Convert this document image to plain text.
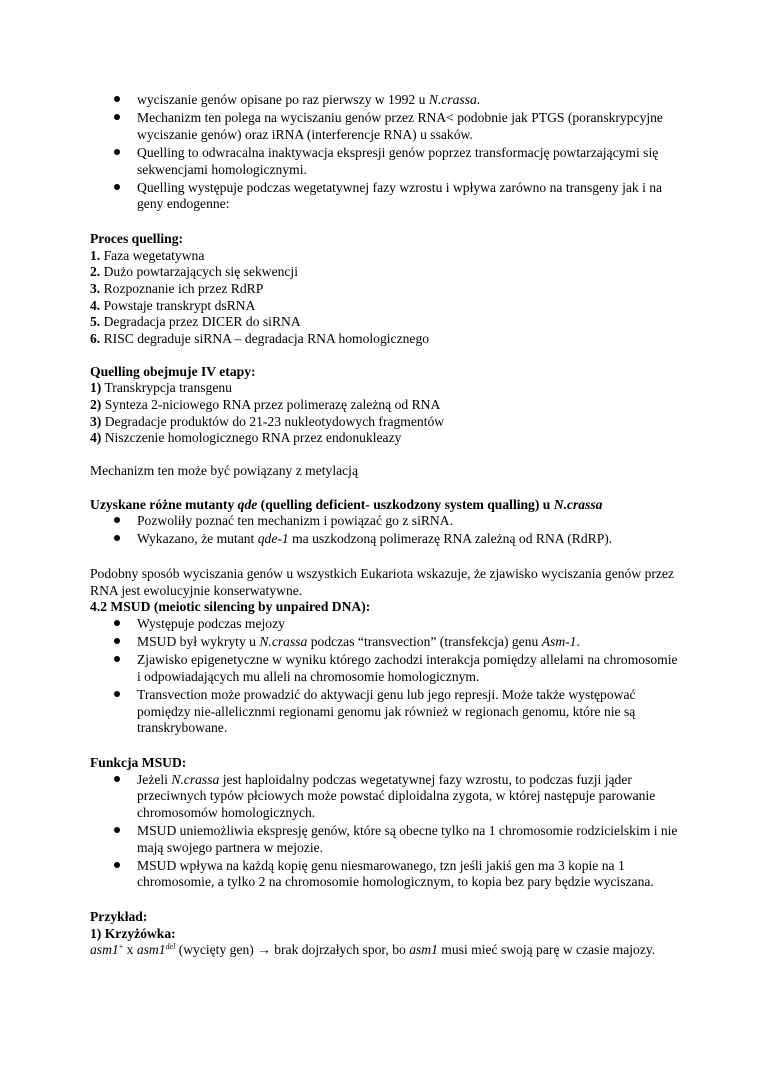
wyciszanie genów opisane po raz pierwszy w 1992 u N.crassa.
Mechanizm ten polega na wyciszaniu genów przez RNA< podobnie jak PTGS (poranskrypcyjne wyciszanie genów) oraz iRNA (interferencje RNA) u ssaków.
Quelling to odwracalna inaktywacja ekspresji genów poprzez transformację powtarzającymi się sekwencjami homologicznymi.
Quelling występuje podczas wegetatywnej fazy wzrostu i wpływa zarówno na transgeny jak i na geny endogenne:

Proces quelling:

1. Faza wegetatywna

2. Dużo powtarzających się sekwencji

3. Rozpoznanie ich przez RdRP

4. Powstaje transkrypt dsRNA

5. Degradacja przez DICER do siRNA

6. RISC degraduje siRNA – degradacja RNA homologicznego

Quelling obejmuje IV etapy:

1) Transkrypcja transgenu

2) Synteza 2-niciowego RNA przez polimerazę zależną od RNA

3) Degradacje produktów do 21-23 nukleotydowych fragmentów

4) Niszczenie homologicznego RNA przez endonukleazy

Mechanizm ten może być powiązany z metylacją

Uzyskane różne mutanty qde (quelling deficient- uszkodzony system qualling) u N.crassa

Pozwoliły poznać ten mechanizm i powiązać go z siRNA.
Wykazano, że mutant qde-1 ma uszkodzoną polimerazę RNA zależną od RNA (RdRP).

Podobny sposób wyciszania genów u wszystkich Eukariota wskazuje, że zjawisko wyciszania genów przez RNA jest ewolucyjnie konserwatywne.

4.2 MSUD (meiotic silencing by unpaired DNA):

Występuje podczas mejozy
MSUD był wykryty u N.crassa podczas “transvection” (transfekcja) genu Asm-1.
Zjawisko epigenetyczne w wyniku którego zachodzi interakcja pomiędzy allelami na chromosomie i odpowiadających mu alleli na chromosomie homologicznym.
Transvection może prowadzić do aktywacji genu lub jego represji. Może także występować pomiędzy nie-allelicznmi regionami genomu jak również w regionach genomu, które nie są transkrybowane.

Funkcja MSUD:

Jeżeli N.crassa jest haploidalny podczas wegetatywnej fazy wzrostu, to podczas fuzji jąder przeciwnych typów płciowych może powstać diploidalna zygota, w której następuje parowanie chromosomów homologicznych.
MSUD uniemożliwia ekspresję genów, które są obecne tylko na 1 chromosomie rodzicielskim i nie mają swojego partnera w mejozie.
MSUD wpływa na każdą kopię genu niesmarowanego, tzn jeśli jakiś gen ma 3 kopie na 1 chromosomie, a tylko 2 na chromosomie homologicznym, to kopia bez pary będzie wyciszana.

Przykład:

1) Krzyżówka:

asm1+ x $asm1^{del}$ (wycięty gen) → brak dojrzałych spor, bo asm1 musi mieć swoją parę w czasie majozy.
